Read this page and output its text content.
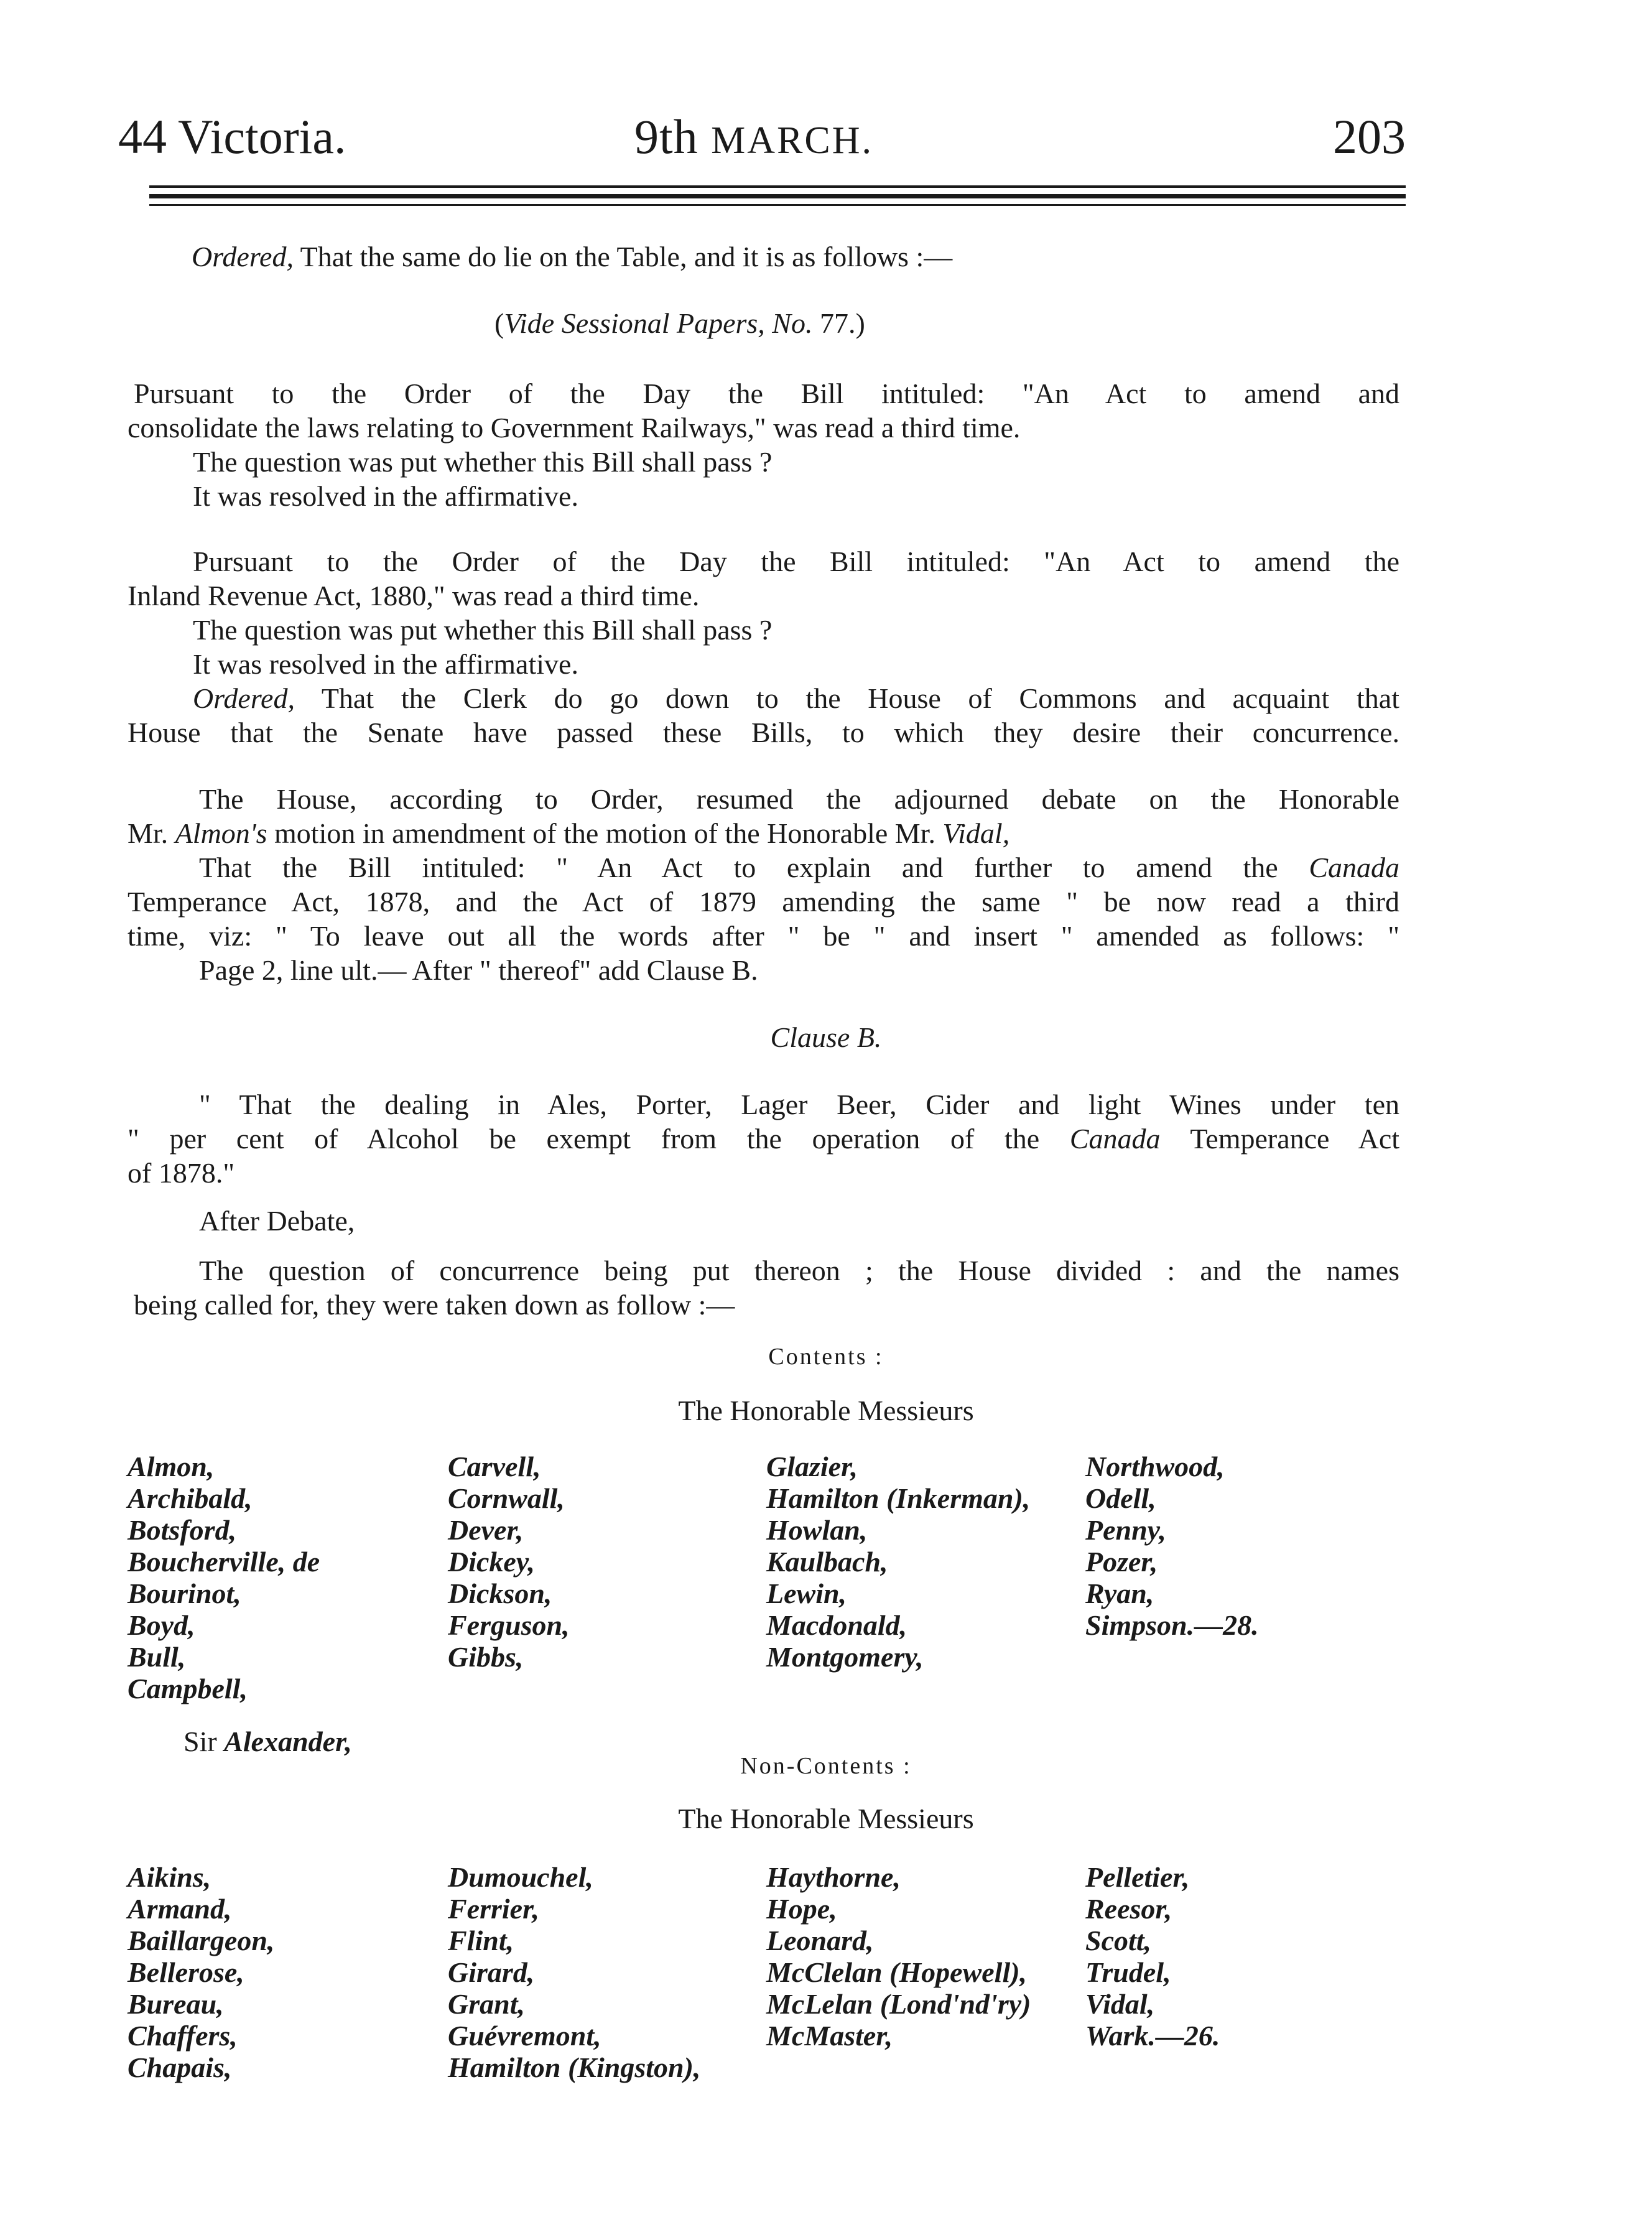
44 Victoria.	9th MARCH.	203
Ordered, That the same do lie on the Table, and it is as follows :—
(Vide Sessional Papers, No. 77.)
Pursuant to the Order of the Day the Bill intituled: "An Act to amend and
consolidate the laws relating to Government Railways," was read a third time.
The question was put whether this Bill shall pass ?
It was resolved in the affirmative.
Pursuant to the Order of the Day the Bill intituled: "An Act to amend the
Inland Revenue Act, 1880," was read a third time.
The question was put whether this Bill shall pass ?
It was resolved in the affirmative.
Ordered, That the Clerk do go down to the House of Commons and acquaint that
House that the Senate have passed these Bills, to which they desire their concurrence.
The House, according to Order, resumed the adjourned debate on the Honorable
Mr. Almon's motion in amendment of the motion of the Honorable Mr. Vidal,
That the Bill intituled: " An Act to explain and further to amend the Canada
Temperance Act, 1878, and the Act of 1879 amending the same " be now read a third
time, viz: " To leave out all the words after " be " and insert " amended as follows: "
Page 2, line ult.— After " thereof" add Clause B.
Clause B.
" That the dealing in Ales, Porter, Lager Beer, Cider and light Wines under ten
" per cent of Alcohol be exempt from the operation of the Canada Temperance Act
of 1878."
After Debate,
The question of concurrence being put thereon ; the House divided : and the names
being called for, they were taken down as follow :—
Contents :
The Honorable Messieurs
Almon,
Archibald,
Botsford,
Boucherville, de
Bourinot,
Boyd,
Bull,
Campbell,
Carvell,
Cornwall,
Dever,
Dickey,
Dickson,
Ferguson,
Gibbs,
Glazier,
Hamilton (Inkerman),
Howlan,
Kaulbach,
Lewin,
Macdonald,
Montgomery,
Northwood,
Odell,
Penny,
Pozer,
Ryan,
Simpson.—28.
Sir Alexander,
Non-Contents :
The Honorable Messieurs
Aikins,
Armand,
Baillargeon,
Bellerose,
Bureau,
Chaffers,
Chapais,
Dumouchel,
Ferrier,
Flint,
Girard,
Grant,
Guévremont,
Hamilton (Kingston),
Haythorne,
Hope,
Leonard,
McClelan (Hopewell),
McLelan (Lond'nd'ry)
McMaster,
Pelletier,
Reesor,
Scott,
Trudel,
Vidal,
Wark.—26.
